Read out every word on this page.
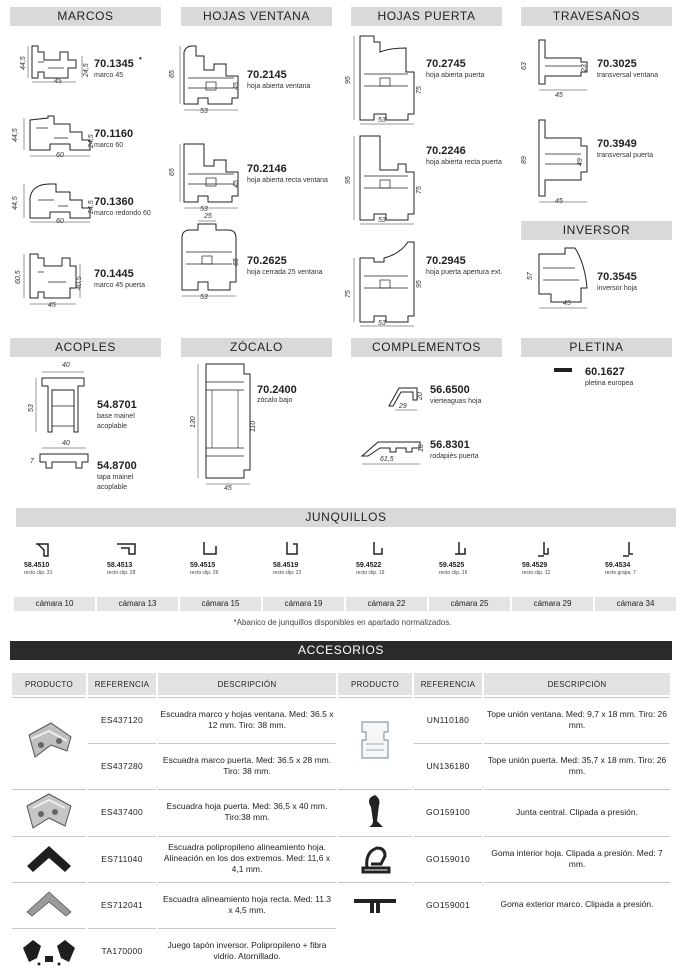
MARCOS	HOJAS VENTANA	HOJAS PUERTA	TRAVESAÑOS
INVERSOR
ACOPLES	ZÓCALO	COMPLEMENTOS	PLETINA
JUNQUILLOS
44,5
24,5
45
70.1345 •
marco 45
44,5	24,5
60
70.1160
marco 60
44,5	24,5
60
70.1360
marco redondo 60
60,5	40,5
45
70.1445
marco 45 puerta
65
45
53
70.2145
hoja abierta ventana
65
45
53
70.2146
hoja abierta recta ventana
25
65
53
70.2625
hoja cerrada 25 ventana
95
75
53
70.2745
hoja abierta puerta
95
75
53
70.2246
hoja abierta recta puerta
75
95
53
70.2945
hoja puerta apertura ext.
63	23
45
70.3025
transversal ventana
89	49
45
70.3949
transversal puerta
57
45
70.3545
inversor hoja
40
53	54.8701
base mainel
acoplable
40
7	54.8700
tapa mainel
acoplable
130	110
45
70.2400
zócalo bajo
20
29
56.6500
vierteaguas hoja
16
61,5
56.8301
rodapiés puerta
60.1627
pletina europea
58.4510
recto clip. 31
58.4513
recto clip. 28
59.4515
recto clip. 26
58.4519
recto clip. 22
59.4522
recto clip. 19
59.4525
recto clip. 16
59.4529
recto clip. 12
59.4534
recto grapa. 7
cámara 10	cámara 13	cámara 15	cámara 19	cámara 22	cámara 25	cámara 29	cámara 34
*Abanico de junquillos disponibles en apartado normalizados.
ACCESORIOS
PRODUCTO	REFERENCIA	DESCRIPCIÓN	PRODUCTO	REFERENCIA	DESCRIPCIÓN
	ES437120	Escuadra marco y hojas ventana. Med: 36.5 x 12 mm. Tiro: 38 mm.		UN110180	Tope unión ventana. Med: 9,7 x 18 mm. Tiro: 26 mm.
	ES437280	Escuadra marco puerta. Med: 36.5 x 28 mm. Tiro: 38 mm.		UN136180	Tope unión puerta. Med: 35,7 x 18 mm. Tiro: 26 mm.
	ES437400	Escuadra hoja puerta. Med: 36,5 x 40 mm. Tiro:38 mm.		GO159100	Junta central. Clipada a presión.
	ES711040	Escuadra polipropileno alineamiento hoja. Alineación en los dos extremos. Med: 11,6 x 4,1 mm.		GO159010	Goma interior hoja. Clipada a presión. Med: 7 mm.
	ES712041	Escuadra alineamiento hoja recta. Med: 11.3 x 4,5 mm.		GO159001	Goma exterior marco. Clipada a presión.
	TA170000	Juego tapón inversor. Polipropileno + fibra vidrio. Atornillado.			
